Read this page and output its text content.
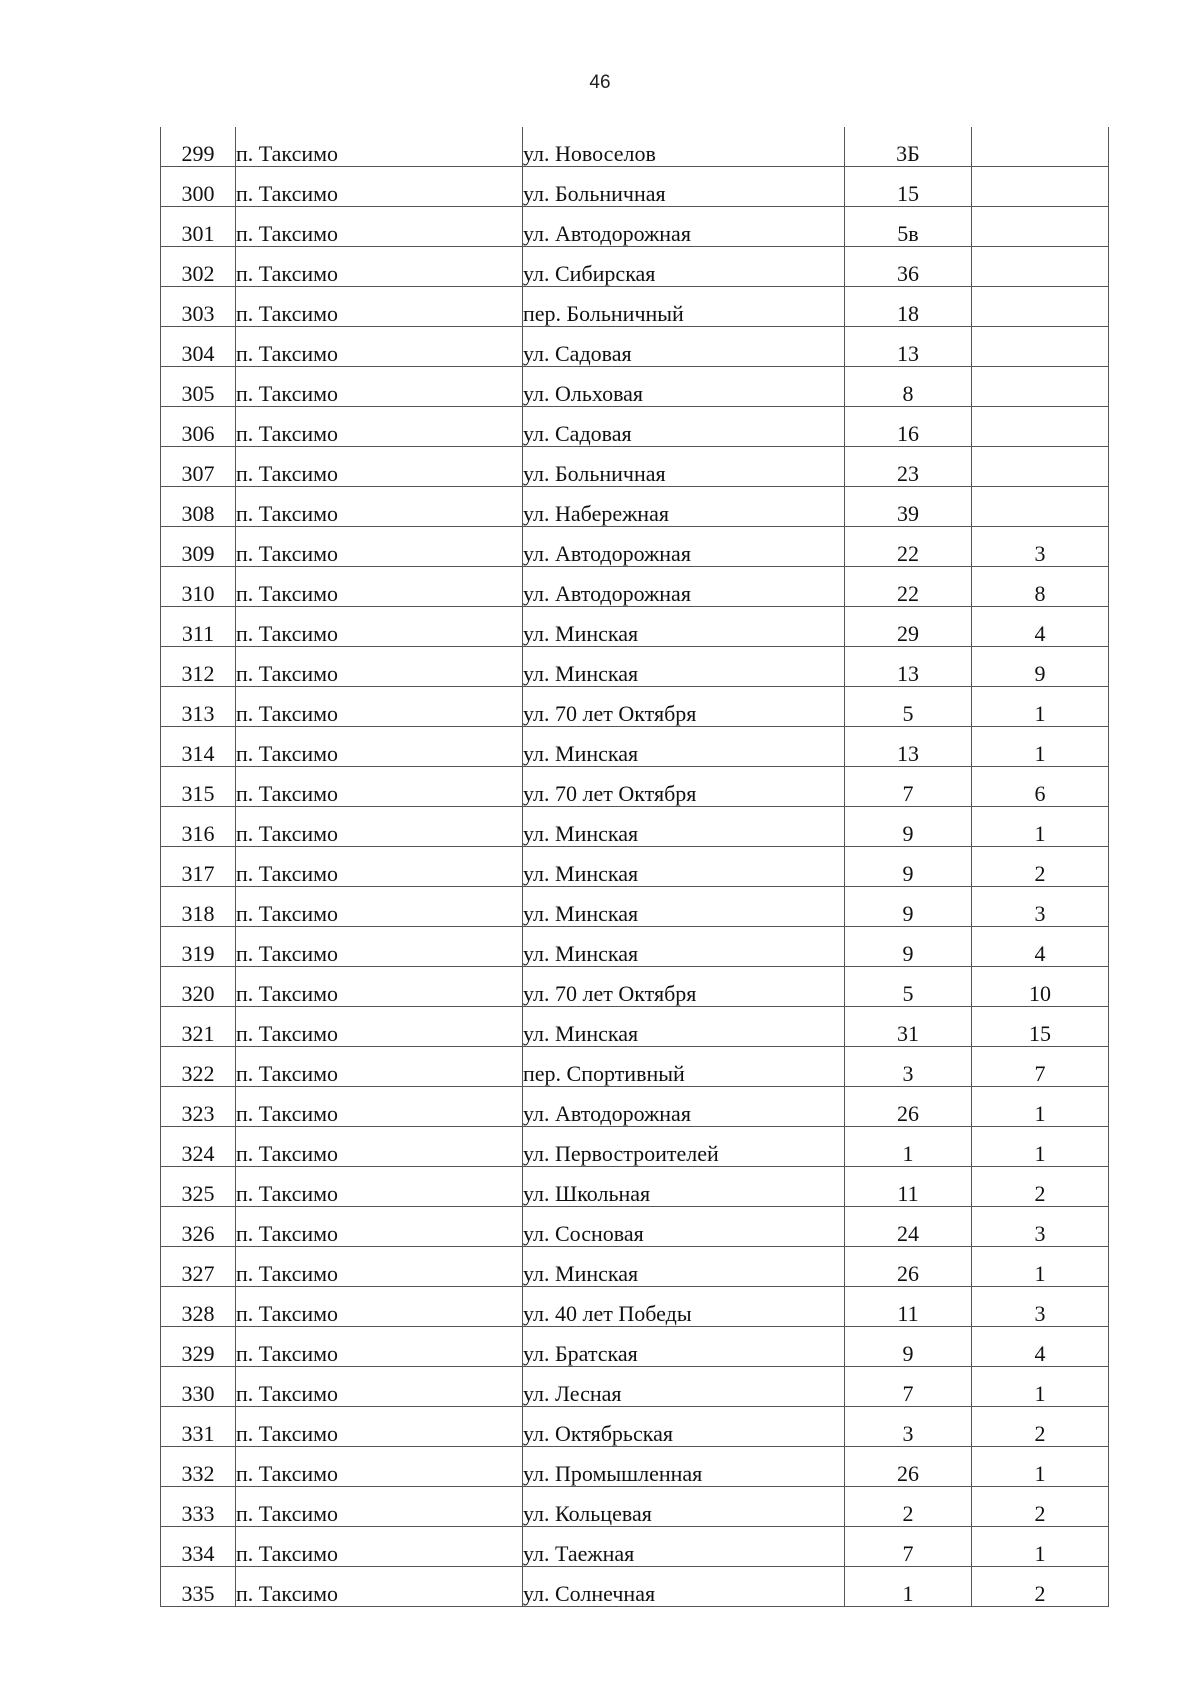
46
299	п. Таксимо	ул. Новоселов	3Б	
300	п. Таксимо	ул. Больничная	15	
301	п. Таксимо	ул. Автодорожная	5в	
302	п. Таксимо	ул. Сибирская	36	
303	п. Таксимо	пер. Больничный	18	
304	п. Таксимо	ул. Садовая	13	
305	п. Таксимо	ул. Ольховая	8	
306	п. Таксимо	ул. Садовая	16	
307	п. Таксимо	ул. Больничная	23	
308	п. Таксимо	ул. Набережная	39	
309	п. Таксимо	ул. Автодорожная	22	3
310	п. Таксимо	ул. Автодорожная	22	8
311	п. Таксимо	ул. Минская	29	4
312	п. Таксимо	ул. Минская	13	9
313	п. Таксимо	ул. 70 лет Октября	5	1
314	п. Таксимо	ул. Минская	13	1
315	п. Таксимо	ул. 70 лет Октября	7	6
316	п. Таксимо	ул. Минская	9	1
317	п. Таксимо	ул. Минская	9	2
318	п. Таксимо	ул. Минская	9	3
319	п. Таксимо	ул. Минская	9	4
320	п. Таксимо	ул. 70 лет Октября	5	10
321	п. Таксимо	ул. Минская	31	15
322	п. Таксимо	пер. Спортивный	3	7
323	п. Таксимо	ул. Автодорожная	26	1
324	п. Таксимо	ул. Первостроителей	1	1
325	п. Таксимо	ул. Школьная	11	2
326	п. Таксимо	ул. Сосновая	24	3
327	п. Таксимо	ул. Минская	26	1
328	п. Таксимо	ул. 40 лет Победы	11	3
329	п. Таксимо	ул. Братская	9	4
330	п. Таксимо	ул. Лесная	7	1
331	п. Таксимо	ул. Октябрьская	3	2
332	п. Таксимо	ул. Промышленная	26	1
333	п. Таксимо	ул. Кольцевая	2	2
334	п. Таксимо	ул. Таежная	7	1
335	п. Таксимо	ул. Солнечная	1	2
